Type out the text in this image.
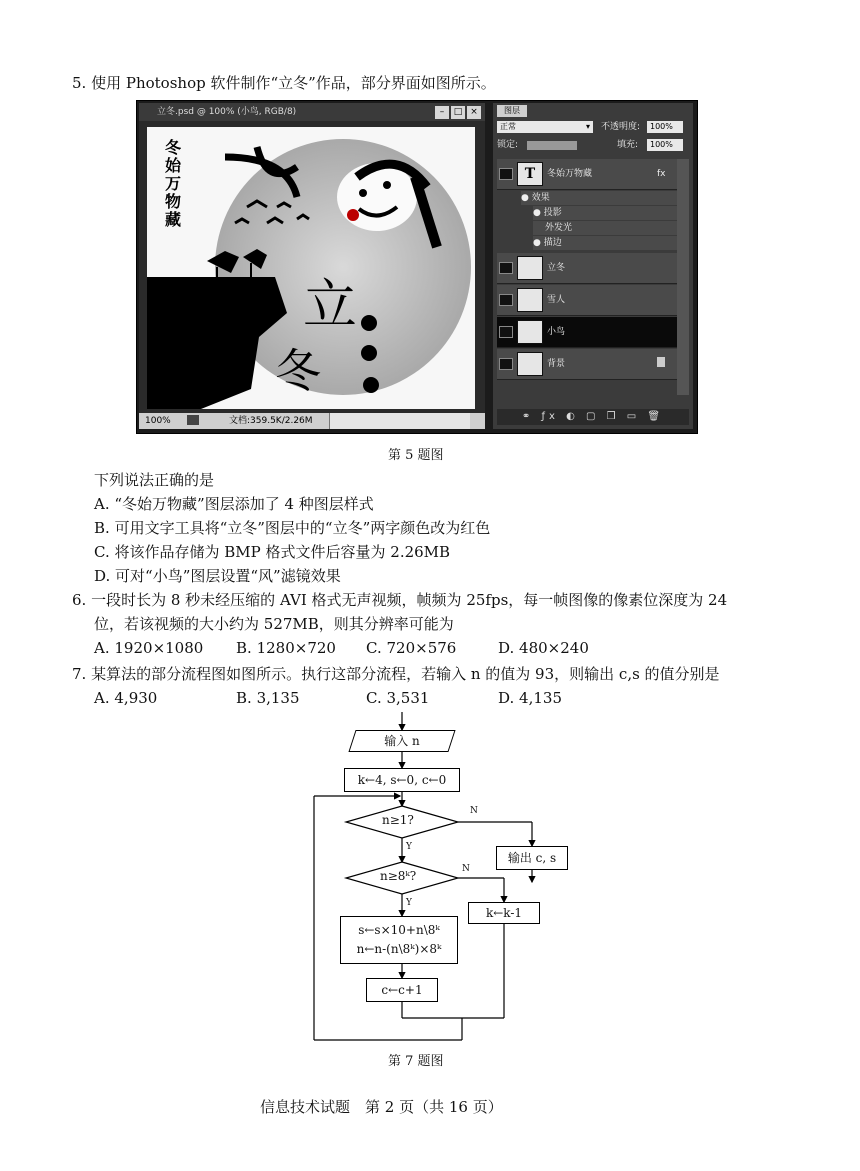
5. 使用 Photoshop 软件制作“立冬”作品，部分界面如图所示。
立冬.psd @ 100% (小鸟, RGB/8)	–	□ ×
立
冬
冬
始
万
物
藏
100%	文档:359.5K/2.26M
图层
正常	▾ 不透明度:	100%
锁定:	填充:	100%
T	冬始万物藏	fx
● 效果
● 投影
外发光
● 描边
立冬
雪人
小鸟
背景
⚭ ƒx ◐ ▢ ❒ ▭ 🗑
第 5 题图
下列说法正确的是
A. “冬始万物藏”图层添加了 4 种图层样式
B. 可用文字工具将“立冬”图层中的“立冬”两字颜色改为红色
C. 将该作品存储为 BMP 格式文件后容量为 2.26MB
D. 可对“小鸟”图层设置“风”滤镜效果
6. 一段时长为 8 秒未经压缩的 AVI 格式无声视频，帧频为 25fps，每一帧图像的像素位深度为 24
位，若该视频的大小约为 527MB，则其分辨率可能为
A. 1920×1080 B. 1280×720 C. 720×576	D. 480×240
7. 某算法的部分流程图如图所示。执行这部分流程，若输入 n 的值为 93，则输出 c,s 的值分别是
A. 4,930	B. 3,135	C. 3,531	D. 4,135
输入 n
k←4, s←0, c←0
n≥1?
n≥8ᵏ?
输出 c, s
k←k-1
s←s×10+n\8ᵏ
n←n-(n\8ᵏ)×8ᵏ
c←c+1
Y
Y
N
N
第 7 题图
信息技术试题　第 2 页（共 16 页）
